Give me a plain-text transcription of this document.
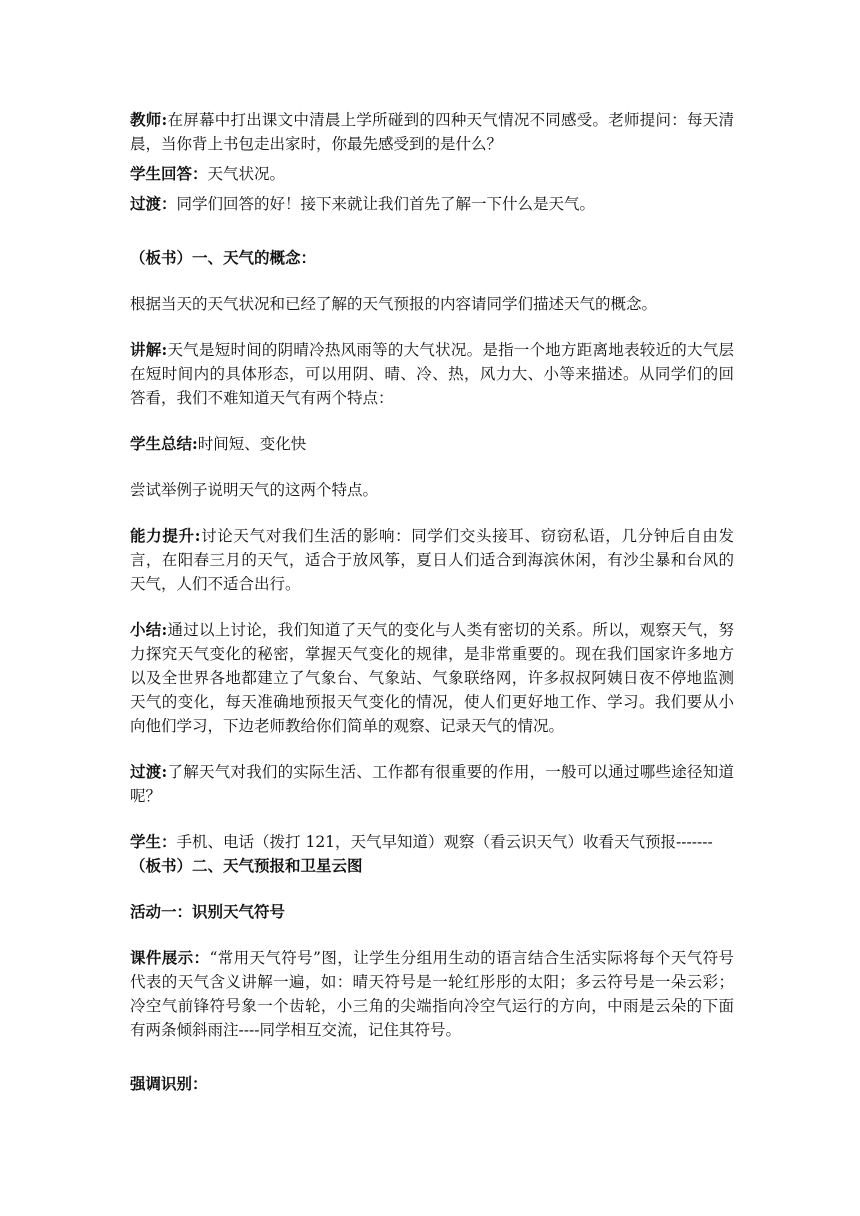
教师:在屏幕中打出课文中清晨上学所碰到的四种天气情况不同感受。老师提问：每天清晨，当你背上书包走出家时，你最先感受到的是什么？

学生回答：天气状况。

过渡：同学们回答的好！接下来就让我们首先了解一下什么是天气。

（板书）一、天气的概念：

根据当天的天气状况和已经了解的天气预报的内容请同学们描述天气的概念。

讲解:天气是短时间的阴晴冷热风雨等的大气状况。是指一个地方距离地表较近的大气层在短时间内的具体形态，可以用阴、晴、冷、热，风力大、小等来描述。从同学们的回答看，我们不难知道天气有两个特点：

学生总结:时间短、变化快

尝试举例子说明天气的这两个特点。

能力提升:讨论天气对我们生活的影响：同学们交头接耳、窃窃私语，几分钟后自由发言，在阳春三月的天气，适合于放风筝，夏日人们适合到海滨休闲，有沙尘暴和台风的天气，人们不适合出行。

小结:通过以上讨论，我们知道了天气的变化与人类有密切的关系。所以，观察天气，努力探究天气变化的秘密，掌握天气变化的规律，是非常重要的。现在我们国家许多地方以及全世界各地都建立了气象台、气象站、气象联络网，许多叔叔阿姨日夜不停地监测天气的变化，每天准确地预报天气变化的情况，使人们更好地工作、学习。我们要从小向他们学习，下边老师教给你们简单的观察、记录天气的情况。

过渡:了解天气对我们的实际生活、工作都有很重要的作用，一般可以通过哪些途径知道呢？

学生：手机、电话（拨打 121，天气早知道）观察（看云识天气）收看天气预报-------

（板书）二、天气预报和卫星云图

活动一：识别天气符号

课件展示：“常用天气符号”图，让学生分组用生动的语言结合生活实际将每个天气符号代表的天气含义讲解一遍，如：晴天符号是一轮红彤彤的太阳；多云符号是一朵云彩；冷空气前锋符号象一个齿轮，小三角的尖端指向冷空气运行的方向，中雨是云朵的下面有两条倾斜雨注----同学相互交流，记住其符号。

强调识别：
